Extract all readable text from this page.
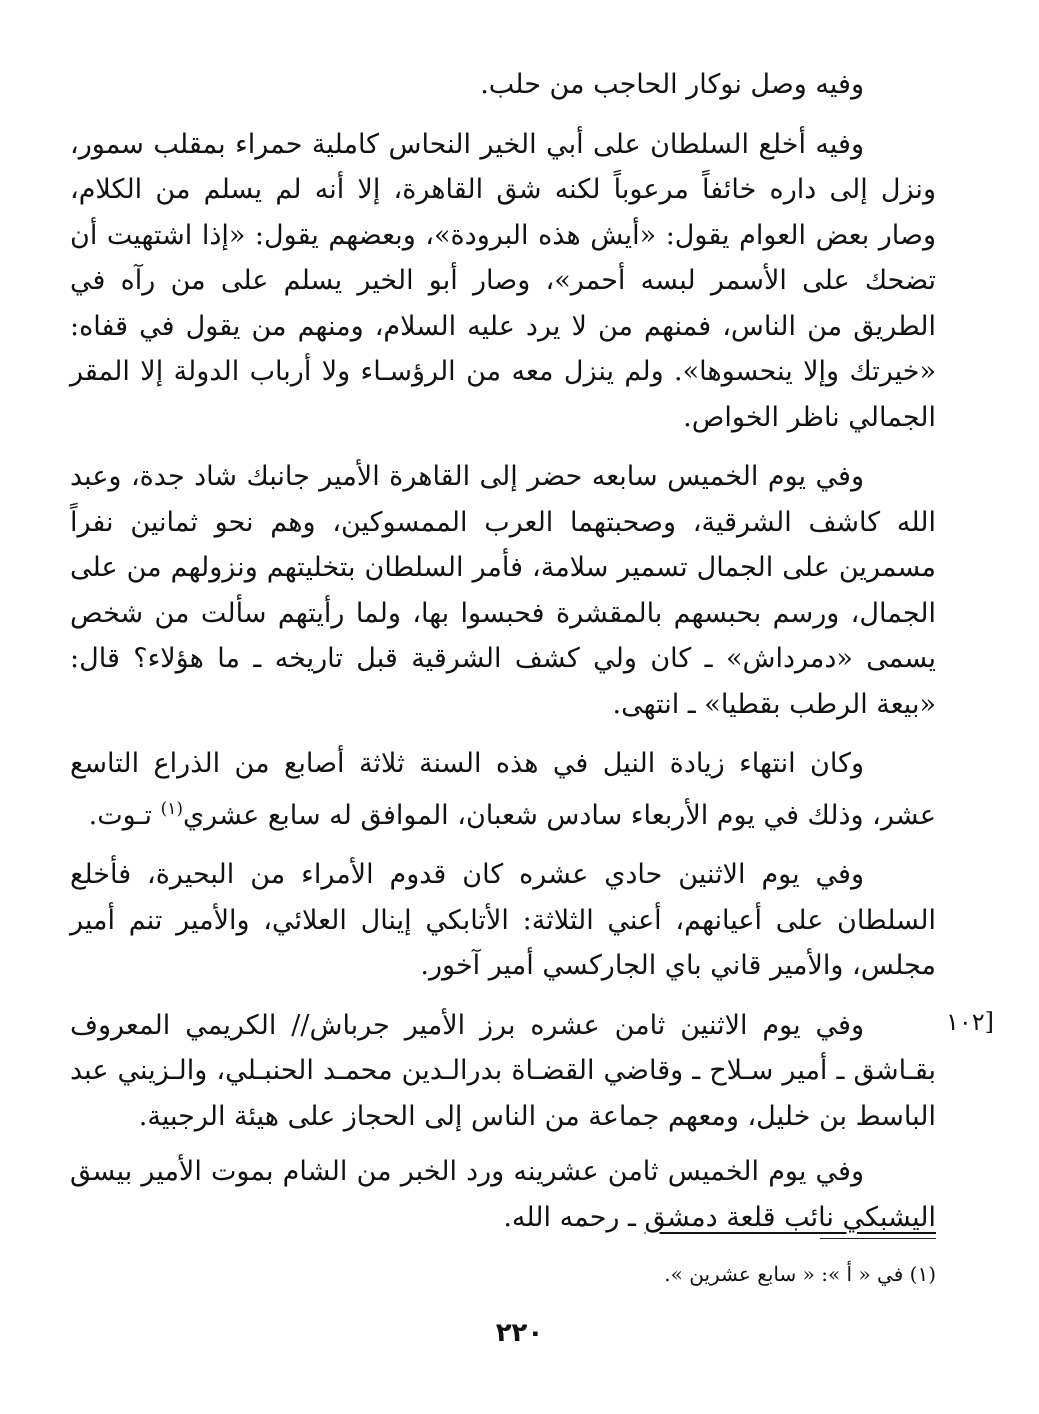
وفيه وصل نوكار الحاجب من حلب.

وفيه أخلع السلطان على أبي الخير النحاس كاملية حمراء بمقلب سمور، ونزل إلى داره خائفاً مرعوباً لكنه شق القاهرة، إلا أنه لم يسلم من الكلام، وصار بعض العوام يقول: «أيش هذه البرودة»، وبعضهم يقول: «إذا اشتهيت أن تضحك على الأسمر لبسه أحمر»، وصار أبو الخير يسلم على من رآه في الطريق من الناس، فمنهم من لا يرد عليه السلام، ومنهم من يقول في قفاه: «خيرتك وإلا ينحسوها». ولم ينزل معه من الرؤسـاء ولا أرباب الدولة إلا المقر الجمالي ناظر الخواص.

وفي يوم الخميس سابعه حضر إلى القاهرة الأمير جانبك شاد جدة، وعبد الله كاشف الشرقية، وصحبتهما العرب الممسوكين، وهم نحو ثمانين نفراً مسمرين على الجمال تسمير سلامة، فأمر السلطان بتخليتهم ونزولهم من على الجمال، ورسم بحبسهم بالمقشرة فحبسوا بها، ولما رأيتهم سألت من شخص يسمى «دمرداش» ـ كان ولي كشف الشرقية قبل تاريخه ـ ما هؤلاء؟ قال: «بيعة الرطب بقطيا» ـ انتهى.

وكان انتهاء زيادة النيل في هذه السنة ثلاثة أصابع من الذراع التاسع عشر، وذلك في يوم الأربعاء سادس شعبان، الموافق له سابع عشري$^{(١)}$ تـوت.

وفي يوم الاثنين حادي عشره كان قدوم الأمراء من البحيرة، فأخلع السلطان على أعيانهم، أعني الثلاثة: الأتابكي إينال العلائي، والأمير تنم أمير مجلس، والأمير قاني باي الجاركسي أمير آخور.

وفي يوم الاثنين ثامن عشره برز الأمير جرباش// الكريمي المعروف بقـاشق ـ أمير سـلاح ـ وقاضي القضـاة بدرالـدين محمـد الحنبـلي، والـزيني عبد الباسط بن خليل، ومعهم جماعة من الناس إلى الحجاز على هيئة الرجبية.

وفي يوم الخميس ثامن عشرينه ورد الخبر من الشام بموت الأمير بيسق اليشبكي نائب قلعة دمشق ـ رحمه الله.

[١٠٢
(١) في « أ »: « سابع عشرين ».
٢٢٠
